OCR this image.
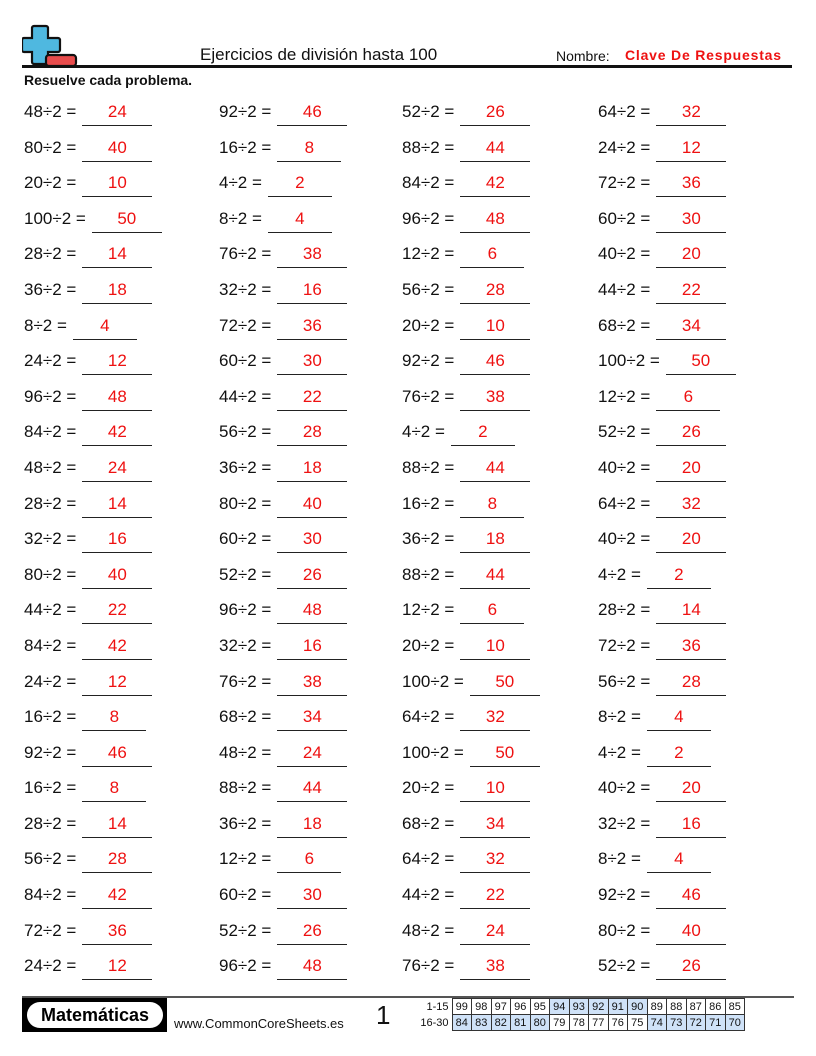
Ejercicios de división hasta 100	Nombre: Clave De Respuestas
Resuelve cada problema.
48÷2 =	24	92÷2 =	46	52÷2 =	26	64÷2 =	32
80÷2 =	40	16÷2 =	8	88÷2 =	44	24÷2 =	12
20÷2 =	10	4÷2 =	2	84÷2 =	42	72÷2 =	36
100÷2 =	50	8÷2 =	4	96÷2 =	48	60÷2 =	30
28÷2 =	14	76÷2 =	38	12÷2 =	6	40÷2 =	20
36÷2 =	18	32÷2 =	16	56÷2 =	28	44÷2 =	22
8÷2 =	4	72÷2 =	36	20÷2 =	10	68÷2 =	34
24÷2 =	12	60÷2 =	30	92÷2 =	46	100÷2 =	50
96÷2 =	48	44÷2 =	22	76÷2 =	38	12÷2 =	6
84÷2 =	42	56÷2 =	28	4÷2 =	2	52÷2 =	26
48÷2 =	24	36÷2 =	18	88÷2 =	44	40÷2 =	20
28÷2 =	14	80÷2 =	40	16÷2 =	8	64÷2 =	32
32÷2 =	16	60÷2 =	30	36÷2 =	18	40÷2 =	20
80÷2 =	40	52÷2 =	26	88÷2 =	44	4÷2 =	2
44÷2 =	22	96÷2 =	48	12÷2 =	6	28÷2 =	14
84÷2 =	42	32÷2 =	16	20÷2 =	10	72÷2 =	36
24÷2 =	12	76÷2 =	38	100÷2 =	50	56÷2 =	28
16÷2 =	8	68÷2 =	34	64÷2 =	32	8÷2 =	4
92÷2 =	46	48÷2 =	24	100÷2 =	50	4÷2 =	2
16÷2 =	8	88÷2 =	44	20÷2 =	10	40÷2 =	20
28÷2 =	14	36÷2 =	18	68÷2 =	34	32÷2 =	16
56÷2 =	28	12÷2 =	6	64÷2 =	32	8÷2 =	4
84÷2 =	42	60÷2 =	30	44÷2 =	22	92÷2 =	46
72÷2 =	36	52÷2 =	26	48÷2 =	24	80÷2 =	40
24÷2 =	12	96÷2 =	48	76÷2 =	38	52÷2 =	26
Matemáticas	www.CommonCoreSheets.es 1	1-15	99	98	97	96	95	94	93	92	91	90	89	88	87	86	85
16-30	84	83	82	81	80	79	78	77	76	75	74	73	72	71	70
